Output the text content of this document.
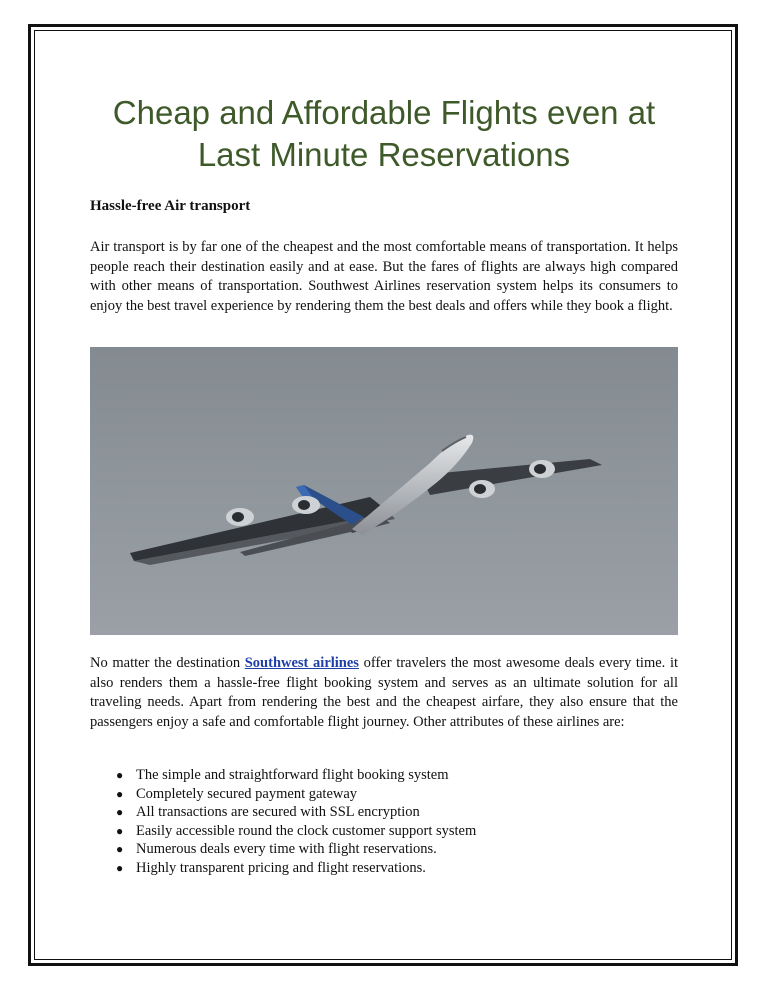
Cheap and Affordable Flights even at Last Minute Reservations

Hassle-free Air transport

Air transport is by far one of the cheapest and the most comfortable means of transportation. It helps people reach their destination easily and at ease. But the fares of flights are always high compared with other means of transportation. Southwest Airlines reservation system helps its consumers to enjoy the best travel experience by rendering them the best deals and offers while they book a flight.

No matter the destination Southwest airlines offer travelers the most awesome deals every time. it also renders them a hassle-free flight booking system and serves as an ultimate solution for all traveling needs. Apart from rendering the best and the cheapest airfare, they also ensure that the passengers enjoy a safe and comfortable flight journey. Other attributes of these airlines are:

● The simple and straightforward flight booking system
● Completely secured payment gateway
● All transactions are secured with SSL encryption
● Easily accessible round the clock customer support system
● Numerous deals every time with flight reservations.
● Highly transparent pricing and flight reservations.
